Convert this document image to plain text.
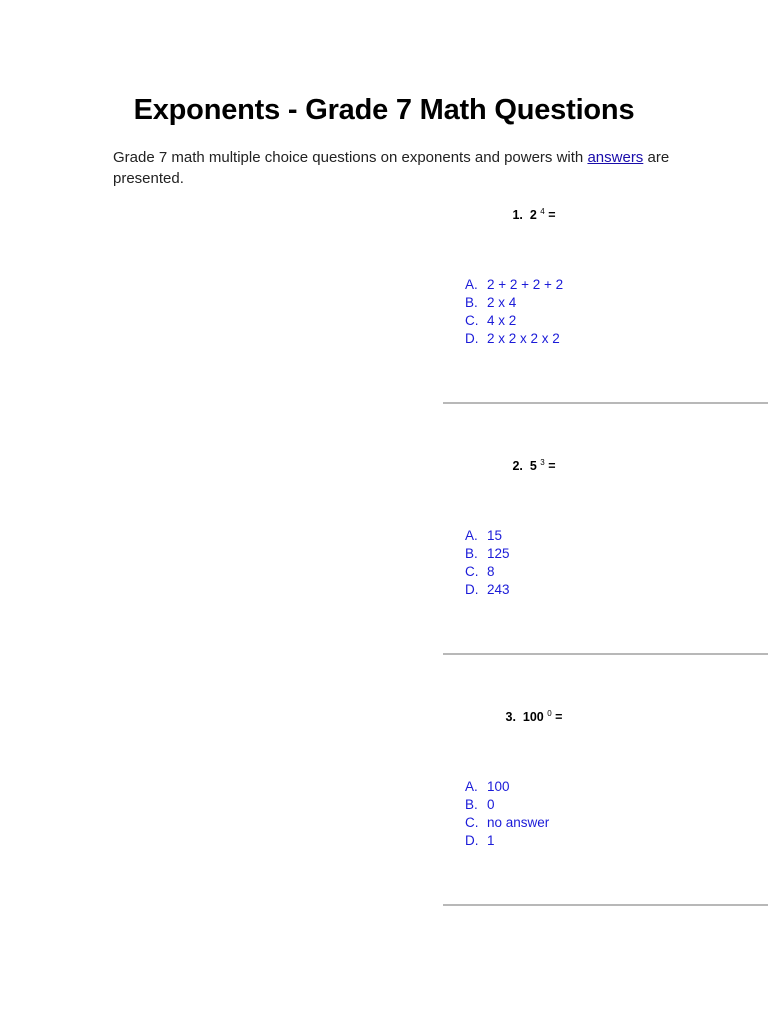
Exponents - Grade 7 Math Questions

Grade 7 math multiple choice questions on exponents and powers with answers are presented.

1. 2 $^4$ =
A. 2 + 2 + 2 + 2
B. 2 x 4
C. 4 x 2
D. 2 x 2 x 2 x 2
2. 5 $^3$ =
A. 15
B. 125
C. 8
D. 243
3. 100 $^0$ =
A. 100
B. 0
C. no answer
D. 1
